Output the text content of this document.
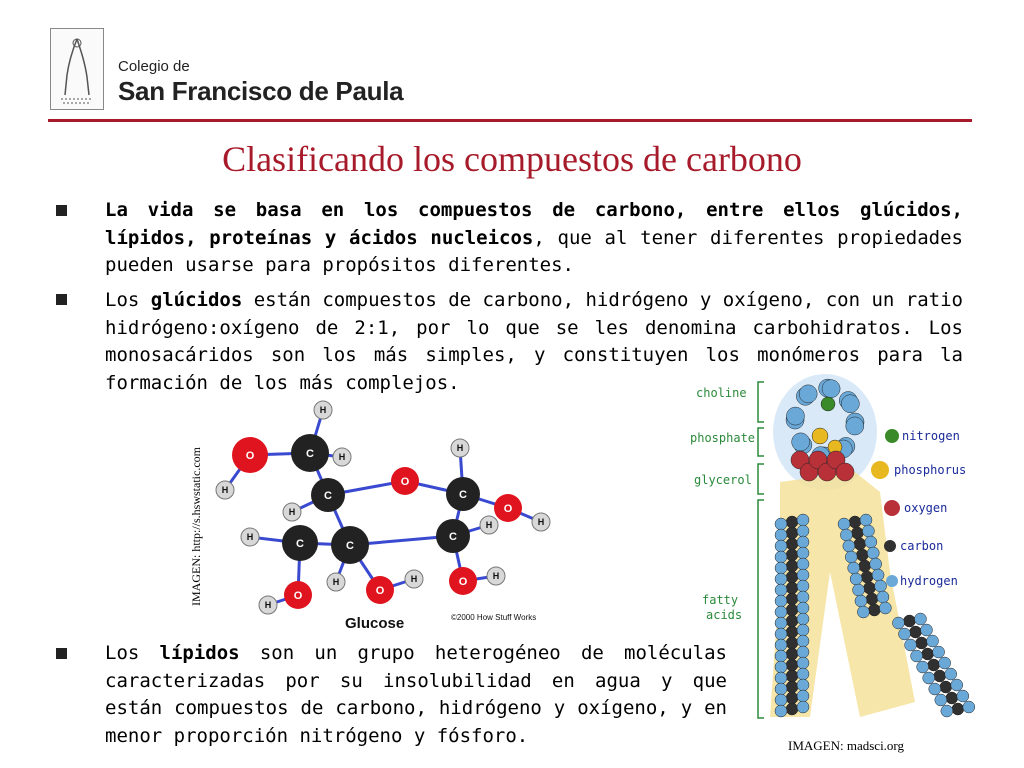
Colegio de
San Francisco de Paula
Clasificando los compuestos de carbono
La vida se basa en los compuestos de carbono, entre ellos glúcidos, lípidos, proteínas y ácidos nucleicos, que al tener diferentes propiedades pueden usarse para propósitos diferentes.
Los glúcidos están compuestos de carbono, hidrógeno y oxígeno, con un ratio hidrógeno:oxígeno de 2:1, por lo que se les denomina carbohidratos. Los monosacáridos son los más simples, y constituyen los monómeros para la formación de los más complejos.
Los lípidos son un grupo heterogéneo de moléculas caracterizadas por su insolubilidad en agua y que están compuestos de carbono, hidrógeno y oxígeno, y en menor proporción nitrógeno y fósforo.
O
H
C
H
H
C
H
O
C
H
O
H
C
H
C
C
H
O
H
H
O
H	O	H
Glucose	©2000 How Stuff Works
IMAGEN: http://s.hswstatic.com
choline
phosphate
glycerol
fatty
acids
nitrogen
phosphorus
oxygen
carbon
hydrogen
IMAGEN: madsci.org
